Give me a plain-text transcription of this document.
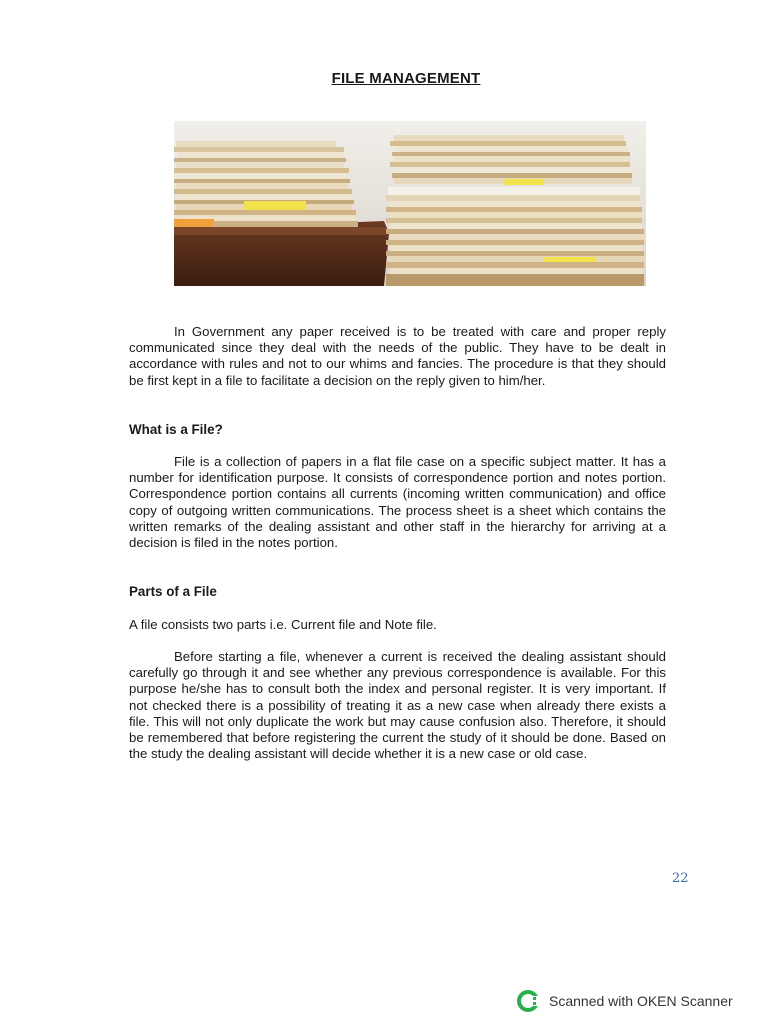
FILE MANAGEMENT

In Government any paper received is to be treated with care and proper reply communicated since they deal with the needs of the public. They have to be dealt in accordance with rules and not to our whims and fancies. The procedure is that they should be first kept in a file to facilitate a decision on the reply given to him/her.

What is a File?

File is a collection of papers in a flat file case on a specific subject matter. It has a number for identification purpose. It consists of correspondence portion and notes portion. Correspondence portion contains all currents (incoming written communication) and office copy of outgoing written communications. The process sheet is a sheet which contains the written remarks of the dealing assistant and other staff in the hierarchy for arriving at a decision is filed in the notes portion.

Parts of a File

A file consists two parts i.e. Current file and Note file.

Before starting a file, whenever a current is received the dealing assistant should carefully go through it and see whether any previous correspondence is available. For this purpose he/she has to consult both the index and personal register. It is very important. If not checked there is a possibility of treating it as a new case when already there exists a file. This will not only duplicate the work but may cause confusion also. Therefore, it should be remembered that before registering the current the study of it should be done. Based on the study the dealing assistant will decide whether it is a new case or old case.

22
Scanned with OKEN Scanner
